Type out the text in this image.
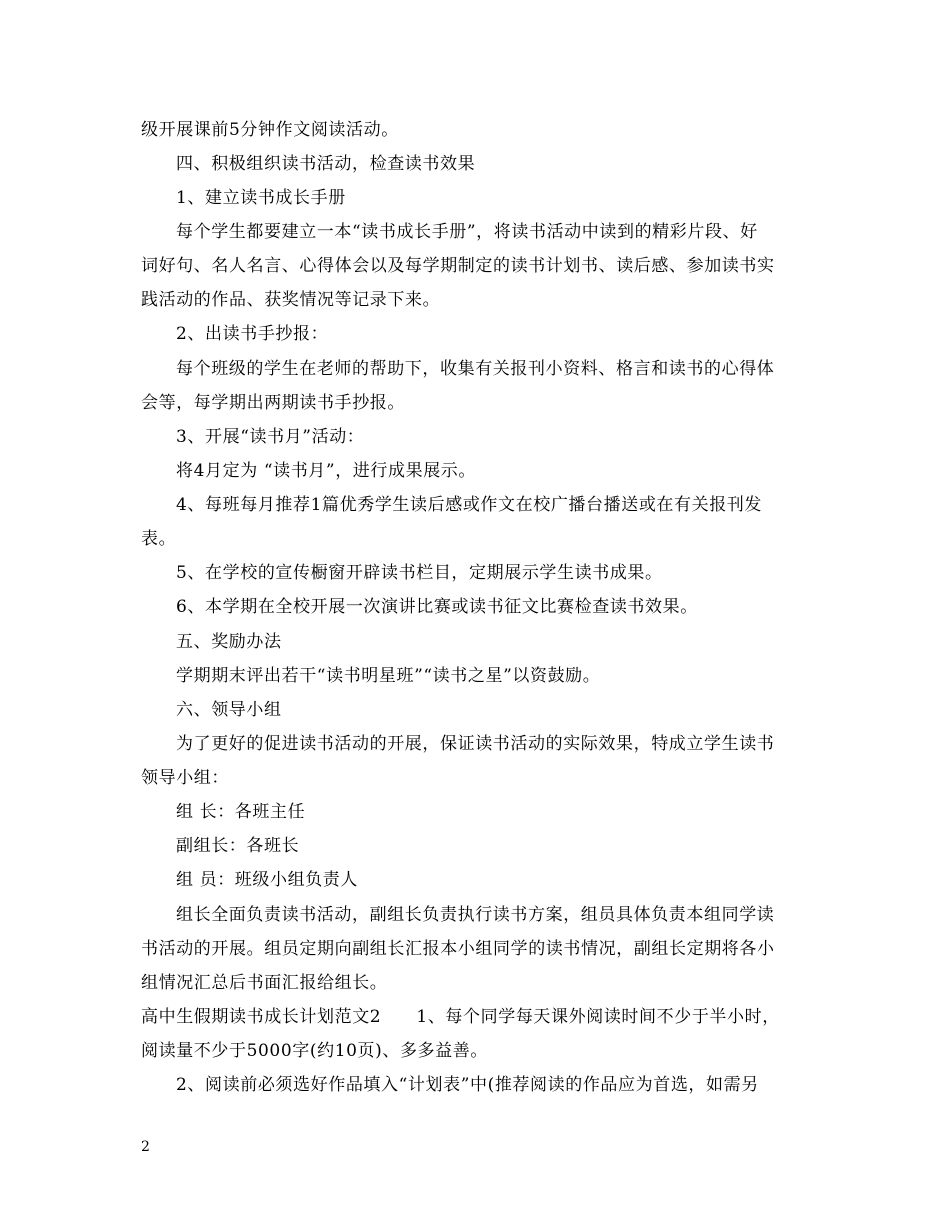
级开展课前5分钟作文阅读活动。
四、积极组织读书活动，检查读书效果
1、建立读书成长手册
每个学生都要建立一本“读书成长手册”，将读书活动中读到的精彩片段、好
词好句、名人名言、心得体会以及每学期制定的读书计划书、读后感、参加读书实
践活动的作品、获奖情况等记录下来。
2、出读书手抄报：
每个班级的学生在老师的帮助下，收集有关报刊小资料、格言和读书的心得体
会等，每学期出两期读书手抄报。
3、开展“读书月”活动：
将4月定为 “读书月”，进行成果展示。
4、每班每月推荐1篇优秀学生读后感或作文在校广播台播送或在有关报刊发
表。
5、在学校的宣传橱窗开辟读书栏目，定期展示学生读书成果。
6、本学期在全校开展一次演讲比赛或读书征文比赛检查读书效果。
五、奖励办法
学期期末评出若干“读书明星班”“读书之星”以资鼓励。
六、领导小组
为了更好的促进读书活动的开展，保证读书活动的实际效果，特成立学生读书
领导小组：
组 长：各班主任
副组长：各班长
组 员：班级小组负责人
组长全面负责读书活动，副组长负责执行读书方案，组员具体负责本组同学读
书活动的开展。组员定期向副组长汇报本小组同学的读书情况，副组长定期将各小
组情况汇总后书面汇报给组长。
高中生假期读书成长计划范文2　　1、每个同学每天课外阅读时间不少于半小时，
阅读量不少于5000字(约10页)、多多益善。
2、阅读前必须选好作品填入“计划表”中(推荐阅读的作品应为首选，如需另
2
